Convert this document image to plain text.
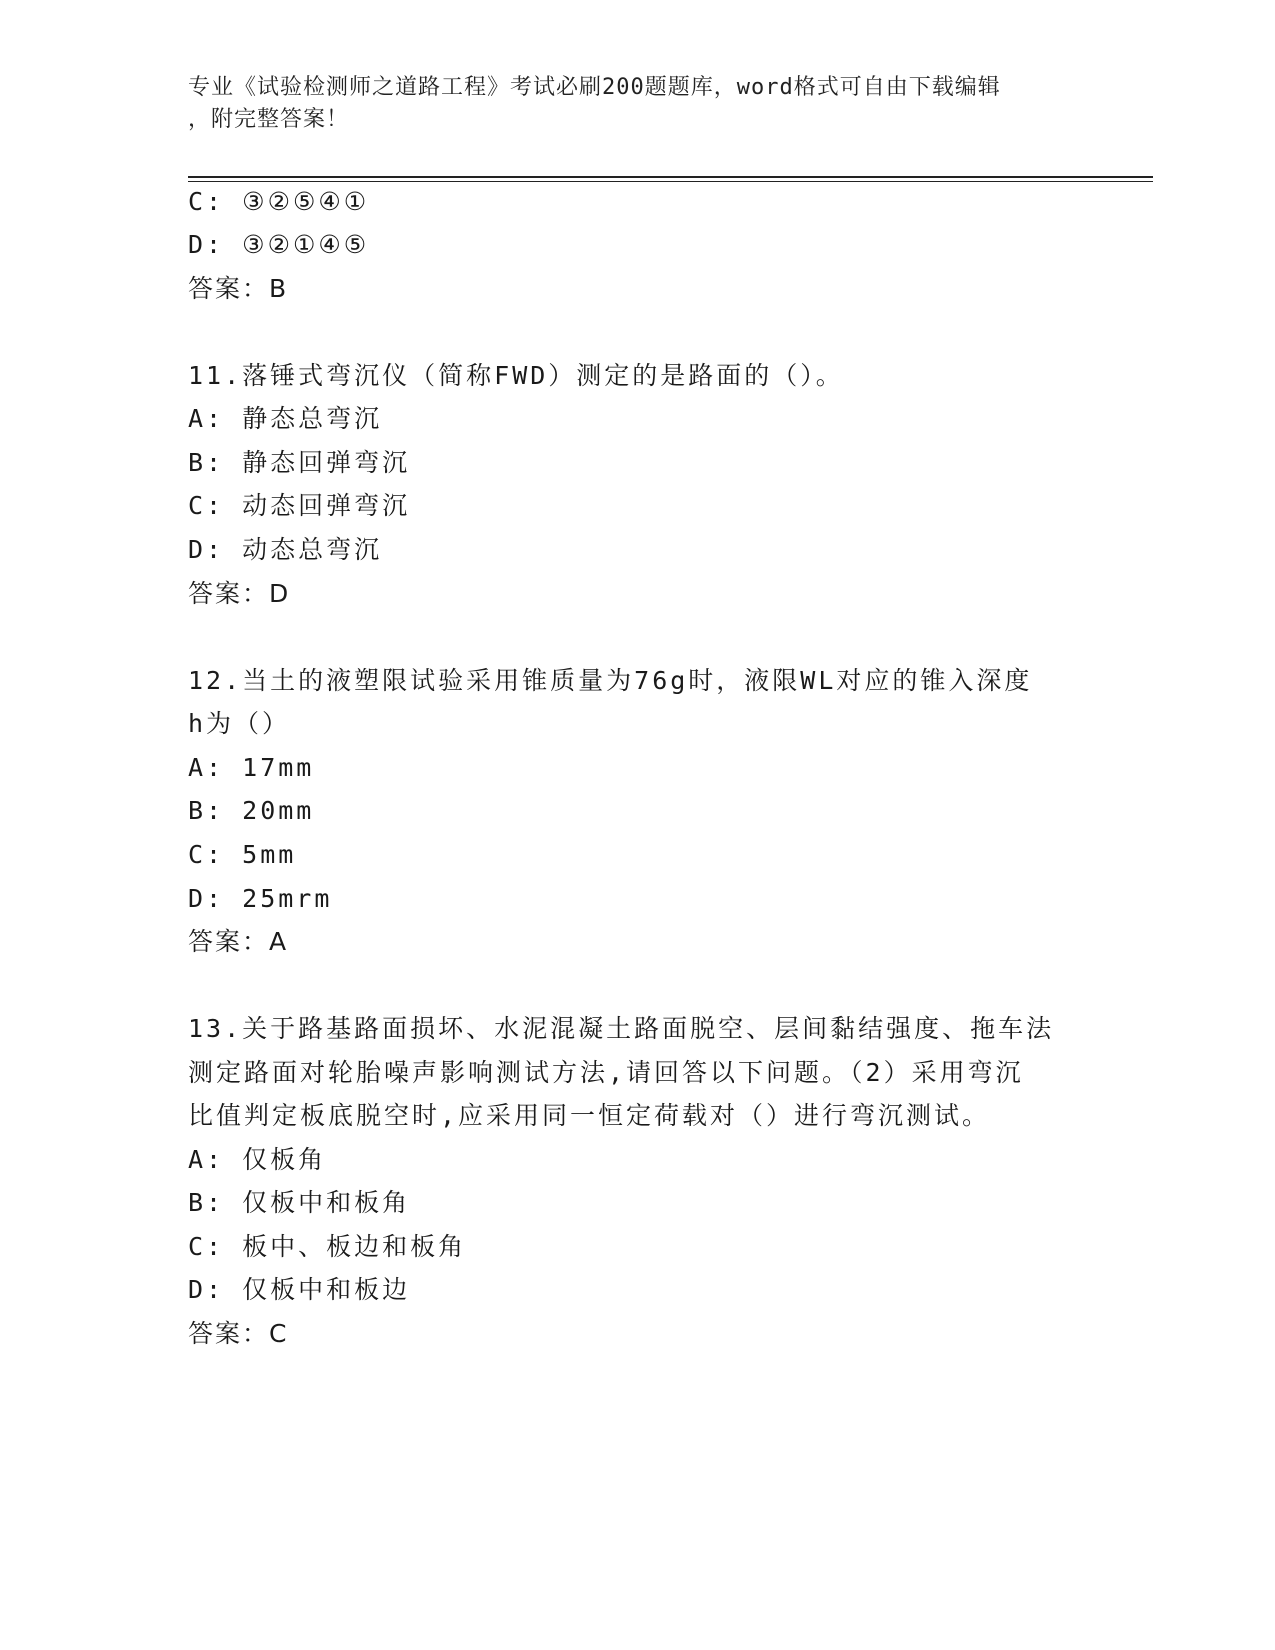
专业《试验检测师之道路工程》考试必刷200题题库，word格式可自由下载编辑
，附完整答案！
C: ③②⑤④①
D: ③②①④⑤
答案：B
11.落锤式弯沉仪（简称FWD）测定的是路面的（）。
A: 静态总弯沉
B: 静态回弹弯沉
C: 动态回弹弯沉
D: 动态总弯沉
答案：D
12.当土的液塑限试验采用锥质量为76g时，液限WL对应的锥入深度
h为（）
A: 17mm
B: 20mm
C: 5mm
D: 25mrm
答案：A
13.关于路基路面损坏、水泥混凝土路面脱空、层间黏结强度、拖车法
测定路面对轮胎噪声影响测试方法,请回答以下问题。（2）采用弯沉
比值判定板底脱空时,应采用同一恒定荷载对（）进行弯沉测试。
A: 仅板角
B: 仅板中和板角
C: 板中、板边和板角
D: 仅板中和板边
答案：C
